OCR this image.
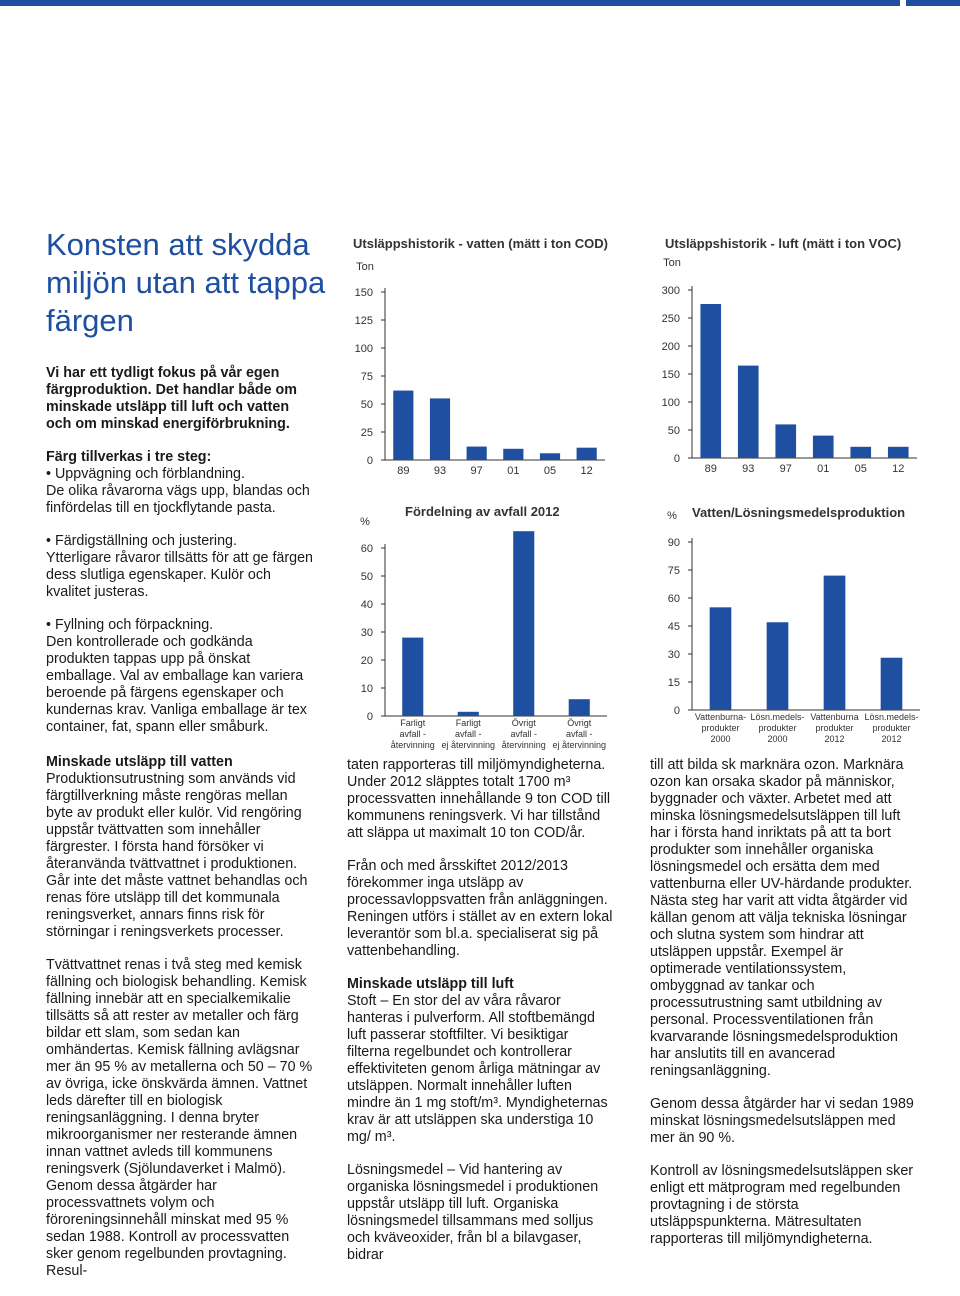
Konsten att skydda miljön utan att tappa färgen

Vi har ett tydligt fokus på vår egen färgproduktion. Det handlar både om minskade utsläpp till luft och vatten och om minskad energiförbrukning.

Färg tillverkas i tre steg:
• Uppvägning och förblandning.

De olika råvarorna vägs upp, blandas och finfördelas till en tjockflytande pasta.

• Färdigställning och justering.

Ytterligare råvaror tillsätts för att ge färgen dess slutliga egenskaper. Kulör och kvalitet justeras.

• Fyllning och förpackning.

Den kontrollerade och godkända produkten tappas upp på önskat emballage. Val av emballage kan variera beroende på färgens egenskaper och kundernas krav. Vanliga emballage är tex container, fat, spann eller småburk.

Minskade utsläpp till vatten

Produktionsutrustning som används vid färgtillverkning måste rengöras mellan byte av produkt eller kulör. Vid rengöring uppstår tvättvatten som innehåller färgrester. I första hand försöker vi återanvända tvättvattnet i produktionen. Går inte det måste vattnet behandlas och renas före utsläpp till det kommunala reningsverket, annars finns risk för störningar i reningsverkets processer.

Tvättvattnet renas i två steg med kemisk fällning och biologisk behandling. Kemisk fällning innebär att en specialkemikalie tillsätts så att rester av metaller och färg bildar ett slam, som sedan kan omhändertas. Kemisk fällning avlägsnar mer än 95 % av metallerna och 50 – 70 % av övriga, icke önskvärda ämnen. Vattnet leds därefter till en biologisk reningsanläggning. I denna bryter mikroorganismer ner resterande ämnen innan vattnet avleds till kommunens reningsverk (Sjölundaverket i Malmö). Genom dessa åtgärder har processvattnets volym och föroreningsinnehåll minskat med 95 % sedan 1988. Kontroll av processvatten sker genom regelbunden provtagning. Resul-

taten rapporteras till miljömyndigheterna. Under 2012 släpptes totalt 1700 m³ processvatten innehållande 9 ton COD till kommunens reningsverk. Vi har tillstånd att släppa ut maximalt 10 ton COD/år.

Från och med årsskiftet 2012/2013 förekommer inga utsläpp av processavloppsvatten från anläggningen. Reningen utförs i stället av en extern lokal leverantör som bl.a. specialiserat sig på vattenbehandling.

Minskade utsläpp till luft

Stoft – En stor del av våra råvaror hanteras i pulverform. All stoftbemängd luft passerar stoftfilter. Vi besiktigar filterna regelbundet och kontrollerar effektiviteten genom årliga mätningar av utsläppen. Normalt innehåller luften mindre än 1 mg stoft/m³. Myndigheternas krav är att utsläppen ska understiga 10 mg/ m³.

Lösningsmedel – Vid hantering av organiska lösningsmedel i produktionen uppstår utsläpp till luft. Organiska lösningsmedel tillsammans med solljus och kväveoxider, från bl a bilavgaser, bidrar

till att bilda sk marknära ozon. Marknära ozon kan orsaka skador på människor, byggnader och växter. Arbetet med att minska lösningsmedelsutsläppen till luft har i första hand inriktats på att ta bort produkter som innehåller organiska lösningsmedel och ersätta dem med vattenburna eller UV-härdande produkter. Nästa steg har varit att vidta åtgärder vid källan genom att välja tekniska lösningar och slutna system som hindrar att utsläppen uppstår. Exempel är optimerade ventilationssystem, ombyggnad av tankar och processutrustning samt utbildning av personal. Processventilationen från kvarvarande lösningsmedelsproduktion har anslutits till en avancerad reningsanläggning.

Genom dessa åtgärder har vi sedan 1989 minskat lösningsmedelsutsläppen med mer än 90 %.

Kontroll av lösningsmedelsutsläppen sker enligt ett mätprogram med regelbunden provtagning i de största utsläppspunkterna. Mätresultaten rapporteras till miljömyndigheterna.

Utsläppshistorik - vatten (mätt i ton COD)
Ton
0
25
50
75
100
125
150
89 93 97 01 05 12
Utsläppshistorik - luft (mätt i ton VOC)
Ton
0
50
100
150
200
250
300
89 93 97 01 05 12
Fördelning av avfall 2012
%
0
10
20
30
40
50
60
Farligt avfall -återvinning
Farligt avfall -ej återvinning
Övrigt avfall -återvinning
Övrigt avfall -ej återvinning
Vatten/Lösningsmedelsproduktion
%
0
15
30
45
60
75
90
Vattenburna-produkter 2000
Lösn.medels-produkter 2000
Vattenburna produkter 2012
Lösn.medels-produkter 2012
